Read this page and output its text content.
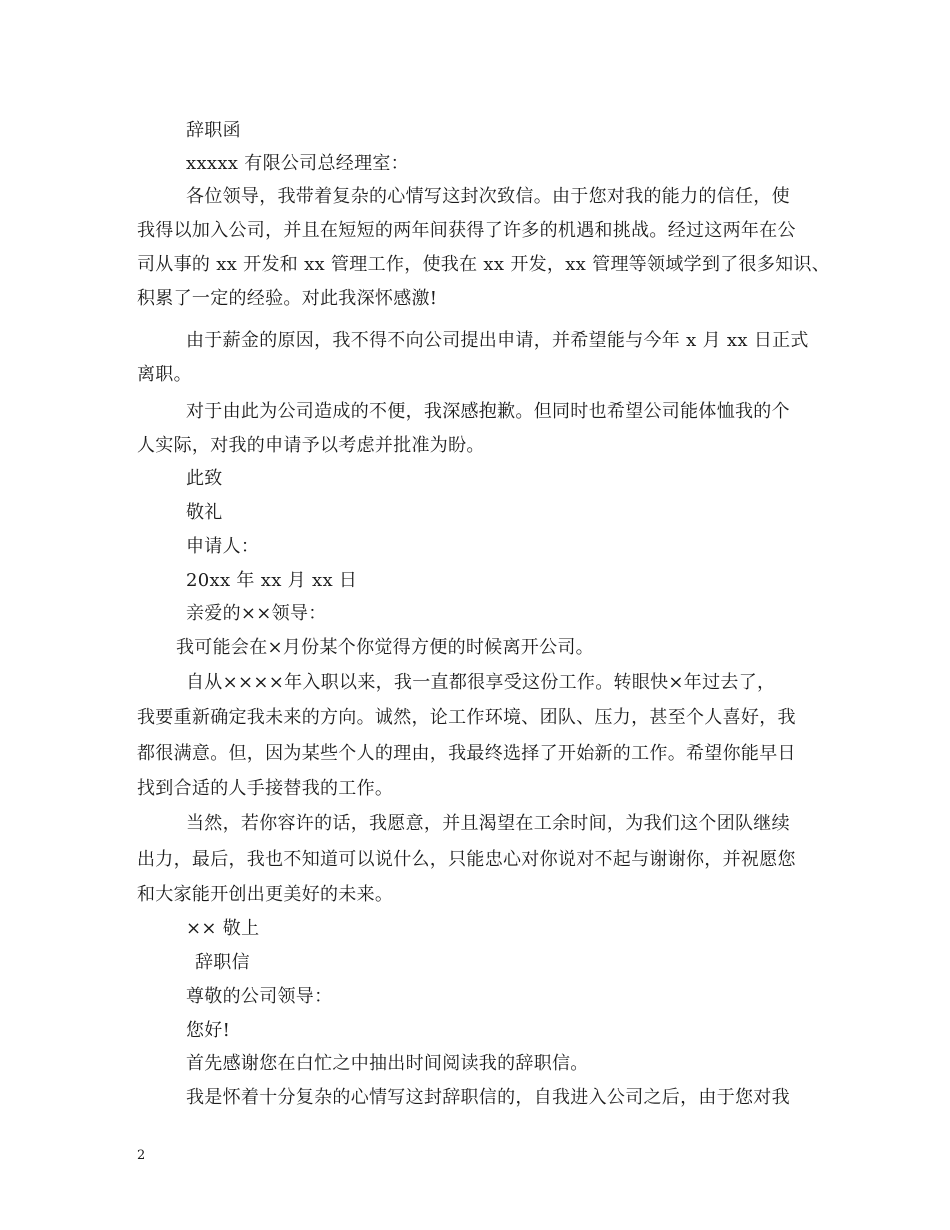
辞职函
xxxxx 有限公司总经理室：
各位领导，我带着复杂的心情写这封次致信。由于您对我的能力的信任，使
我得以加入公司，并且在短短的两年间获得了许多的机遇和挑战。经过这两年在公
司从事的 xx 开发和 xx 管理工作，使我在 xx 开发，xx 管理等领域学到了很多知识、
积累了一定的经验。对此我深怀感激!
由于薪金的原因，我不得不向公司提出申请，并希望能与今年 x 月 xx 日正式
离职。
对于由此为公司造成的不便，我深感抱歉。但同时也希望公司能体恤我的个
人实际，对我的申请予以考虑并批准为盼。
此致
敬礼
申请人：
20xx 年 xx 月 xx 日
亲爱的××领导：
我可能会在×月份某个你觉得方便的时候离开公司。
自从××××年入职以来，我一直都很享受这份工作。转眼快×年过去了，
我要重新确定我未来的方向。诚然，论工作环境、团队、压力，甚至个人喜好，我
都很满意。但，因为某些个人的理由，我最终选择了开始新的工作。希望你能早日
找到合适的人手接替我的工作。
当然，若你容许的话，我愿意，并且渴望在工余时间，为我们这个团队继续
出力，最后，我也不知道可以说什么，只能忠心对你说对不起与谢谢你，并祝愿您
和大家能开创出更美好的未来。
×× 敬上
辞职信
尊敬的公司领导：
您好!
首先感谢您在白忙之中抽出时间阅读我的辞职信。
我是怀着十分复杂的心情写这封辞职信的，自我进入公司之后，由于您对我
2
